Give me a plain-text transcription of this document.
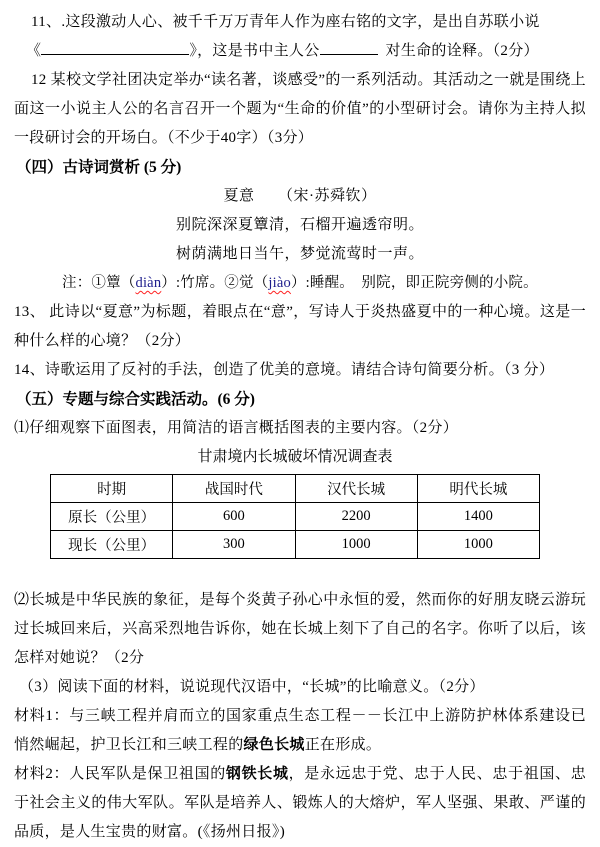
11、.这段激动人心、被千千万万青年人作为座右铭的文字，是出自苏联小说
《	》，这是书中主人公	对生命的诠释。（2分）

12 某校文学社团决定举办“读名著，谈感受”的一系列活动。其活动之一就是围绕上面这一小说主人公的名言召开一个题为“生命的价值”的小型研讨会。请你为主持人拟一段研讨会的开场白。（不少于40字）（3分）

（四）古诗词赏析 (5 分)
夏意　　（宋·苏舜钦）
别院深深夏簟清，石榴开遍透帘明。
树荫满地日当午，梦觉流莺时一声。
注：①簟（diàn）:竹席。②觉（jiào）:睡醒。　别院，即正院旁侧的小院。

13、 此诗以“夏意”为标题，着眼点在“意”，写诗人于炎热盛夏中的一种心境。这是一种什么样的心境？（2分）

14、诗歌运用了反衬的手法，创造了优美的意境。请结合诗句简要分析。（3 分）

（五）专题与综合实践活动。(6 分)

⑴仔细观察下面图表，用简洁的语言概括图表的主要内容。（2分）

甘肃境内长城破坏情况调查表
时期	战国时代	汉代长城	明代长城
原长（公里）	600	2200	1400
现长（公里）	300	1000	1000

⑵长城是中华民族的象征，是每个炎黄子孙心中永恒的爱，然而你的好朋友晓云游玩过长城回来后，兴高采烈地告诉你，她在长城上刻下了自己的名字。你听了以后，该怎样对她说？（2分

（3）阅读下面的材料，说说现代汉语中，“长城”的比喻意义。（2分）

材料1：与三峡工程并肩而立的国家重点生态工程－－长江中上游防护林体系建设已悄然崛起，护卫长江和三峡工程的绿色长城正在形成。

材料2：人民军队是保卫祖国的钢铁长城，是永远忠于党、忠于人民、忠于祖国、忠于社会主义的伟大军队。军队是培养人、锻炼人的大熔炉，军人坚强、果敢、严谨的品质，是人生宝贵的财富。(《扬州日报》)
